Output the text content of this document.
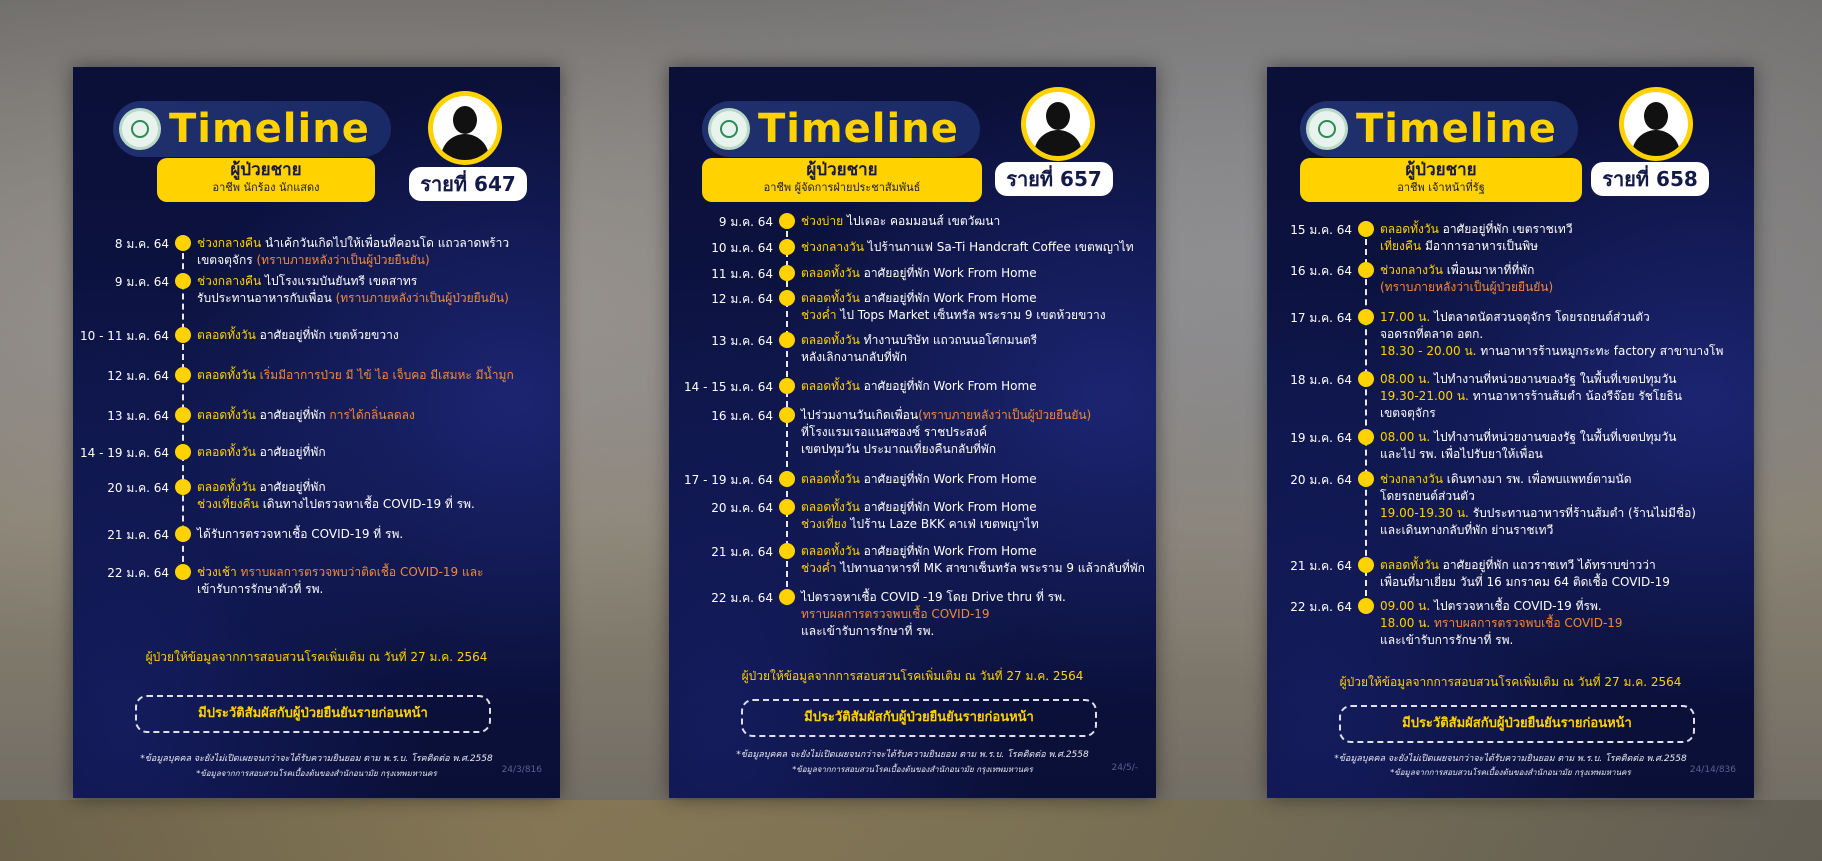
Timeline
ผู้ป่วยชาย
อาชีพ นักร้อง นักแสดง	รายที่ 647
8 ม.ค. 64 ช่วงกลางคืน นำเค้กวันเกิดไปให้เพื่อนที่คอนโด แถวลาดพร้าว
เขตจตุจักร (ทราบภายหลังว่าเป็นผู้ป่วยยืนยัน)
9 ม.ค. 64 ช่วงกลางคืน ไปโรงแรมบันยันทรี เขตสาทร
รับประทานอาหารกับเพื่อน (ทราบภายหลังว่าเป็นผู้ป่วยยืนยัน)
10 - 11 ม.ค. 64 ตลอดทั้งวัน อาศัยอยู่ที่พัก เขตห้วยขวาง
12 ม.ค. 64 ตลอดทั้งวัน เริ่มมีอาการป่วย มี ไข้ ไอ เจ็บคอ มีเสมหะ มีน้ำมูก
13 ม.ค. 64 ตลอดทั้งวัน อาศัยอยู่ที่พัก การได้กลิ่นลดลง
14 - 19 ม.ค. 64 ตลอดทั้งวัน อาศัยอยู่ที่พัก
20 ม.ค. 64 ตลอดทั้งวัน อาศัยอยู่ที่พัก
ช่วงเที่ยงคืน เดินทางไปตรวจหาเชื้อ COVID-19 ที่ รพ.
21 ม.ค. 64 ได้รับการตรวจหาเชื้อ COVID-19 ที่ รพ.
22 ม.ค. 64 ช่วงเช้า ทราบผลการตรวจพบว่าติดเชื้อ COVID-19 และ
เข้ารับการรักษาตัวที่ รพ.
ผู้ป่วยให้ข้อมูลจากการสอบสวนโรคเพิ่มเติม ณ วันที่ 27 ม.ค. 2564
มีประวัติสัมผัสกับผู้ป่วยยืนยันรายก่อนหน้า
*ข้อมูลบุคคล จะยังไม่เปิดเผยจนกว่าจะได้รับความยินยอม ตาม พ.ร.บ. โรคติดต่อ พ.ศ.2558
*ข้อมูลจากการสอบสวนโรคเบื้องต้นของสำนักอนามัย กรุงเทพมหานคร	24/3/816
Timeline
ผู้ป่วยชาย
อาชีพ ผู้จัดการฝ่ายประชาสัมพันธ์	รายที่ 657
9 ม.ค. 64 ช่วงบ่าย ไปเดอะ คอมมอนส์ เขตวัฒนา
10 ม.ค. 64 ช่วงกลางวัน ไปร้านกาแฟ Sa-Ti Handcraft Coffee เขตพญาไท
11 ม.ค. 64 ตลอดทั้งวัน อาศัยอยู่ที่พัก Work From Home
12 ม.ค. 64 ตลอดทั้งวัน อาศัยอยู่ที่พัก Work From Home
ช่วงค่ำ ไป Tops Market เซ็นทรัล พระราม 9 เขตห้วยขวาง
13 ม.ค. 64 ตลอดทั้งวัน ทำงานบริษัท แถวถนนอโศกมนตรี
หลังเลิกงานกลับที่พัก
14 - 15 ม.ค. 64 ตลอดทั้งวัน อาศัยอยู่ที่พัก Work From Home
16 ม.ค. 64 ไปร่วมงานวันเกิดเพื่อน(ทราบภายหลังว่าเป็นผู้ป่วยยืนยัน)
ที่โรงแรมเรอแนสซองซ์ ราชประสงค์
เขตปทุมวัน ประมาณเที่ยงคืนกลับที่พัก
17 - 19 ม.ค. 64 ตลอดทั้งวัน อาศัยอยู่ที่พัก Work From Home
20 ม.ค. 64 ตลอดทั้งวัน อาศัยอยู่ที่พัก Work From Home
ช่วงเที่ยง ไปร้าน Laze BKK คาเฟ่ เขตพญาไท
21 ม.ค. 64 ตลอดทั้งวัน อาศัยอยู่ที่พัก Work From Home
ช่วงค่ำ ไปทานอาหารที่ MK สาขาเซ็นทรัล พระราม 9 แล้วกลับที่พัก
22 ม.ค. 64 ไปตรวจหาเชื้อ COVID -19 โดย Drive thru ที่ รพ.
ทราบผลการตรวจพบเชื้อ COVID-19
และเข้ารับการรักษาที่ รพ.
ผู้ป่วยให้ข้อมูลจากการสอบสวนโรคเพิ่มเติม ณ วันที่ 27 ม.ค. 2564
มีประวัติสัมผัสกับผู้ป่วยยืนยันรายก่อนหน้า
*ข้อมูลบุคคล จะยังไม่เปิดเผยจนกว่าจะได้รับความยินยอม ตาม พ.ร.บ. โรคติดต่อ พ.ศ.2558
*ข้อมูลจากการสอบสวนโรคเบื้องต้นของสำนักอนามัย กรุงเทพมหานคร	24/5/-
Timeline
ผู้ป่วยชาย
อาชีพ เจ้าหน้าที่รัฐ	รายที่ 658
15 ม.ค. 64 ตลอดทั้งวัน อาศัยอยู่ที่พัก เขตราชเทวี
เที่ยงคืน มีอาการอาหารเป็นพิษ
16 ม.ค. 64 ช่วงกลางวัน เพื่อนมาหาที่ที่พัก
(ทราบภายหลังว่าเป็นผู้ป่วยยืนยัน)
17 ม.ค. 64 17.00 น. ไปตลาดนัดสวนจตุจักร โดยรถยนต์ส่วนตัว
จอดรถที่ตลาด อตก.
18.30 - 20.00 น. ทานอาหารร้านหมูกระทะ factory สาขาบางโพ
18 ม.ค. 64 08.00 น. ไปทำงานที่หน่วยงานของรัฐ ในพื้นที่เขตปทุมวัน
19.30-21.00 น. ทานอาหารร้านส้มตำ น้องรีจ๊อย รัชโยธิน
เขตจตุจักร
19 ม.ค. 64 08.00 น. ไปทำงานที่หน่วยงานของรัฐ ในพื้นที่เขตปทุมวัน
และไป รพ. เพื่อไปรับยาให้เพื่อน
20 ม.ค. 64 ช่วงกลางวัน เดินทางมา รพ. เพื่อพบแพทย์ตามนัด
โดยรถยนต์ส่วนตัว
19.00-19.30 น. รับประทานอาหารที่ร้านส้มตำ (ร้านไม่มีชื่อ)
และเดินทางกลับที่พัก ย่านราชเทวี
21 ม.ค. 64 ตลอดทั้งวัน อาศัยอยู่ที่พัก แถวราชเทวี ได้ทราบข่าวว่า
เพื่อนที่มาเยี่ยม วันที่ 16 มกราคม 64 ติดเชื้อ COVID-19
22 ม.ค. 64 09.00 น. ไปตรวจหาเชื้อ COVID-19 ที่รพ.
18.00 น. ทราบผลการตรวจพบเชื้อ COVID-19
และเข้ารับการรักษาที่ รพ.
ผู้ป่วยให้ข้อมูลจากการสอบสวนโรคเพิ่มเติม ณ วันที่ 27 ม.ค. 2564
มีประวัติสัมผัสกับผู้ป่วยยืนยันรายก่อนหน้า
*ข้อมูลบุคคล จะยังไม่เปิดเผยจนกว่าจะได้รับความยินยอม ตาม พ.ร.บ. โรคติดต่อ พ.ศ.2558
*ข้อมูลจากการสอบสวนโรคเบื้องต้นของสำนักอนามัย กรุงเทพมหานคร	24/14/836
